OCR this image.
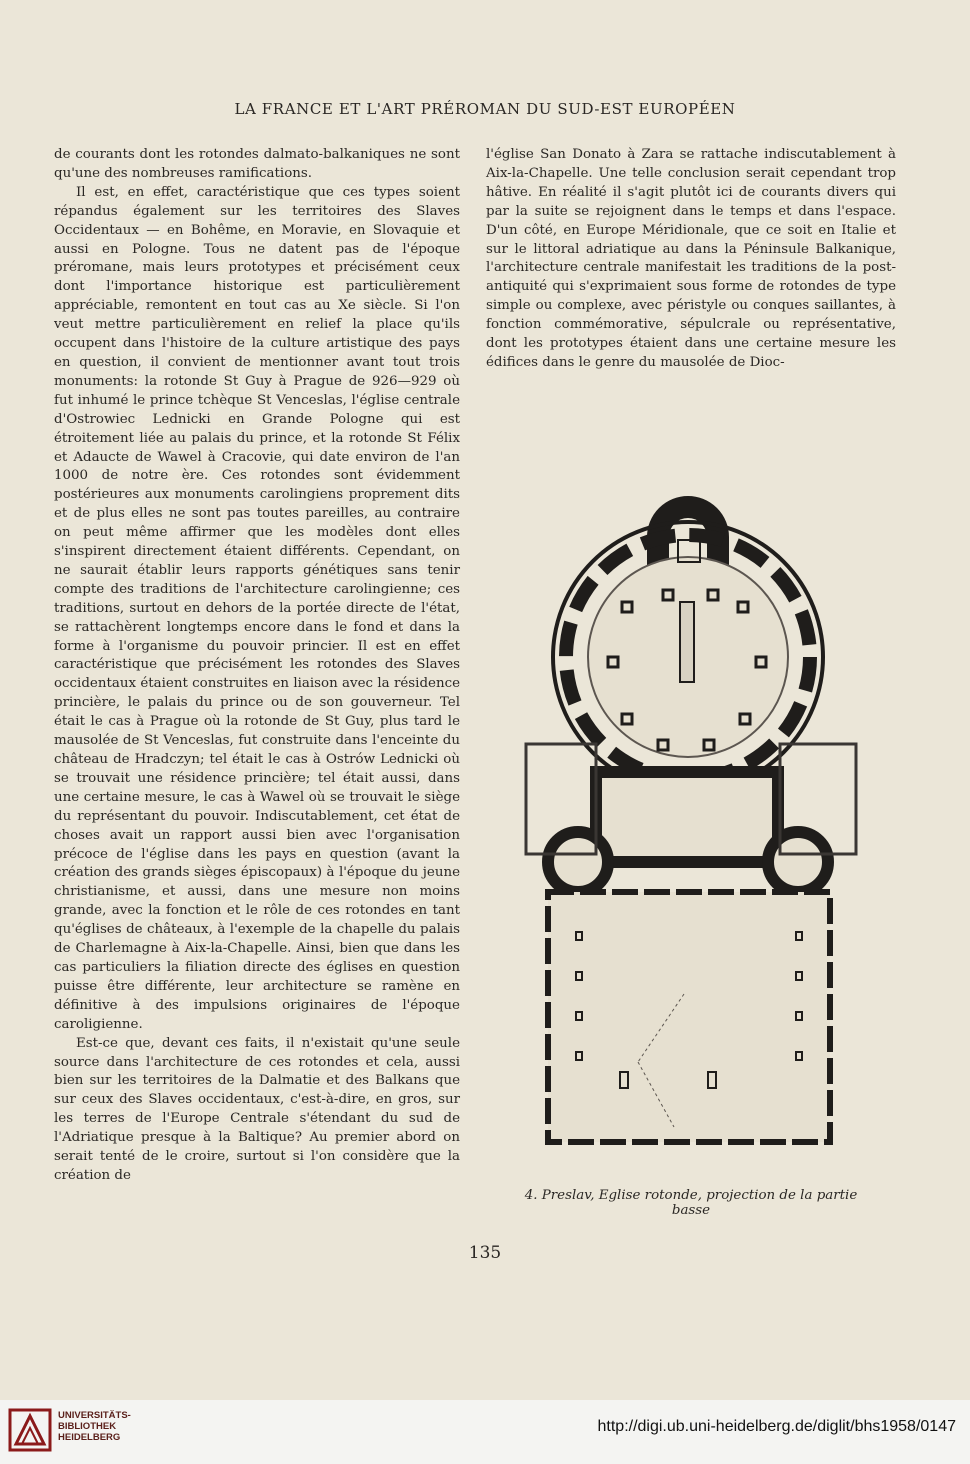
LA FRANCE ET L'ART PRÉROMAN DU SUD-EST EUROPÉEN

de courants dont les rotondes dalmato-balkaniques ne sont qu'une des nombreuses ramifications.

Il est, en effet, caractéristique que ces types soient répandus également sur les territoires des Slaves Occidentaux — en Bohême, en Moravie, en Slovaquie et aussi en Pologne. Tous ne datent pas de l'époque préromane, mais leurs prototypes et précisément ceux dont l'importance historique est particulièrement appréciable, remontent en tout cas au Xe siècle. Si l'on veut mettre particulièrement en relief la place qu'ils occupent dans l'histoire de la culture artistique des pays en question, il convient de mentionner avant tout trois monuments: la rotonde St Guy à Prague de 926—929 où fut inhumé le prince tchèque St Venceslas, l'église centrale d'Ostrowiec Lednicki en Grande Pologne qui est étroitement liée au palais du prince, et la rotonde St Félix et Adaucte de Wawel à Cracovie, qui date environ de l'an 1000 de notre ère. Ces rotondes sont évidemment postérieures aux monuments carolingiens proprement dits et de plus elles ne sont pas toutes pareilles, au contraire on peut même affirmer que les modèles dont elles s'inspirent directement étaient différents. Cependant, on ne saurait établir leurs rapports génétiques sans tenir compte des traditions de l'architecture carolingienne; ces traditions, surtout en dehors de la portée directe de l'état, se rattachèrent longtemps encore dans le fond et dans la forme à l'organisme du pouvoir princier. Il est en effet caractéristique que précisément les rotondes des Slaves occidentaux étaient construites en liaison avec la résidence princière, le palais du prince ou de son gouverneur. Tel était le cas à Prague où la rotonde de St Guy, plus tard le mausolée de St Venceslas, fut construite dans l'enceinte du château de Hradczyn; tel était le cas à Ostrów Lednicki où se trouvait une résidence princière; tel était aussi, dans une certaine mesure, le cas à Wawel où se trouvait le siège du représentant du pouvoir. Indiscutablement, cet état de choses avait un rapport aussi bien avec l'organisation précoce de l'église dans les pays en question (avant la création des grands sièges épiscopaux) à l'époque du jeune christianisme, et aussi, dans une mesure non moins grande, avec la fonction et le rôle de ces rotondes en tant qu'églises de châteaux, à l'exemple de la chapelle du palais de Charlemagne à Aix-la-Chapelle. Ainsi, bien que dans les cas particuliers la filiation directe des églises en question puisse être différente, leur architecture se ramène en définitive à des impulsions originaires de l'époque caroligienne.

Est-ce que, devant ces faits, il n'existait qu'une seule source dans l'architecture de ces rotondes et cela, aussi bien sur les territoires de la Dalmatie et des Balkans que sur ceux des Slaves occidentaux, c'est-à-dire, en gros, sur les terres de l'Europe Centrale s'étendant du sud de l'Adriatique presque à la Baltique? Au premier abord on serait tenté de le croire, surtout si l'on considère que la création de

l'église San Donato à Zara se rattache indiscutablement à Aix-la-Chapelle. Une telle conclusion serait cependant trop hâtive. En réalité il s'agit plutôt ici de courants divers qui par la suite se rejoignent dans le temps et dans l'espace. D'un côté, en Europe Méridionale, que ce soit en Italie et sur le littoral adriatique au dans la Péninsule Balkanique, l'architecture centrale manifestait les traditions de la post-antiquité qui s'exprimaient sous forme de rotondes de type simple ou complexe, avec péristyle ou conques saillantes, à fonction commémorative, sépulcrale ou représentative, dont les prototypes étaient dans une certaine mesure les édifices dans le genre du mausolée de Dioc-

4. Preslav, Eglise rotonde, projection de la partie
basse
135
UNIVERSITÄTS-
BIBLIOTHEK
HEIDELBERG
http://digi.ub.uni-heidelberg.de/diglit/bhs1958/0147
